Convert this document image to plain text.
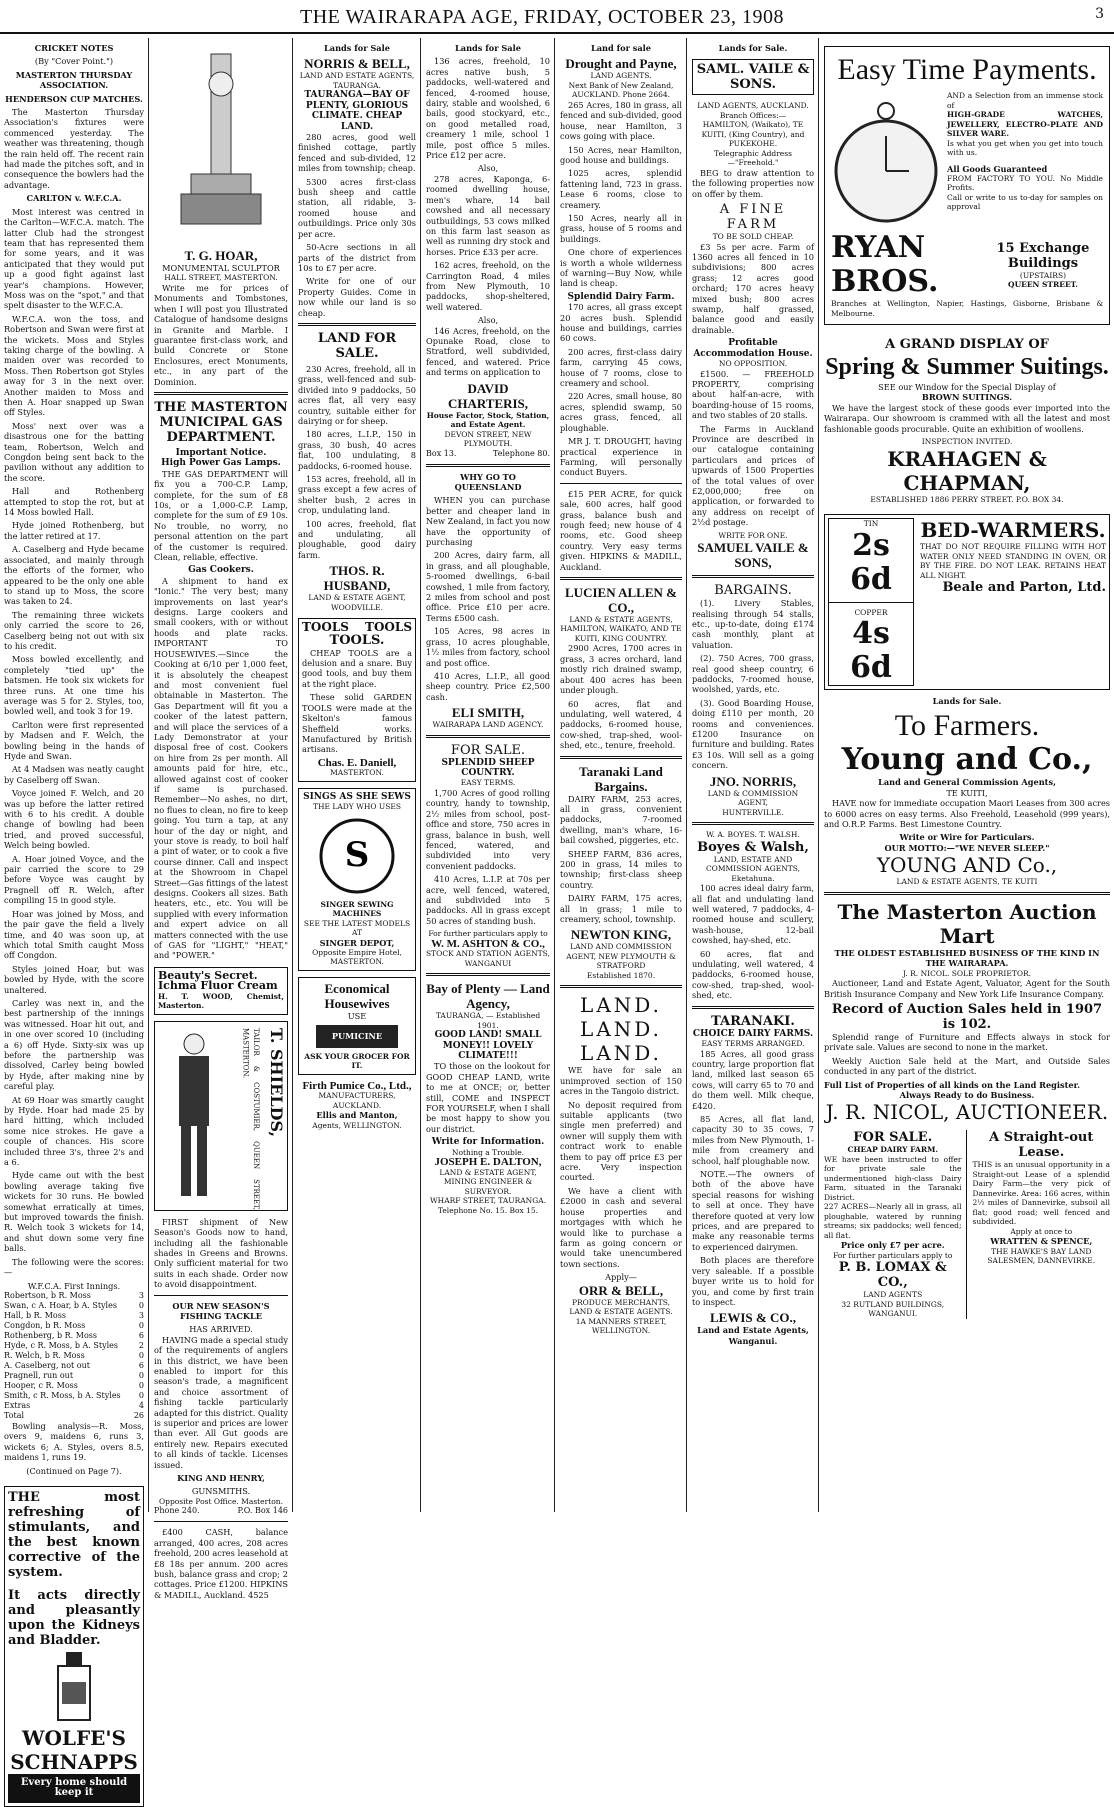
THE WAIRARAPA AGE, FRIDAY, OCTOBER 23, 1908	3
CRICKET NOTES
(By "Cover Point.")
MASTERTON THURSDAY ASSOCIATION.
HENDERSON CUP MATCHES.

The Masterton Thursday Association's fixtures were commenced yesterday. The weather was threatening, though the rain held off. The recent rain had made the pitches soft, and in consequence the bowlers had the advantage.

CARLTON v. W.F.C.A.

Most interest was centred in the Carlton—W.F.C.A. match. The latter Club had the strongest team that has represented them for some years, and it was anticipated that they would put up a good fight against last year's champions. However, Moss was on the "spot," and that spelt disaster to the W.F.C.A.

W.F.C.A. won the toss, and Robertson and Swan were first at the wickets. Moss and Styles taking charge of the bowling. A maiden over was recorded to Moss. Then Robertson got Styles away for 3 in the next over. Another maiden to Moss and then A. Hoar snapped up Swan off Styles.

Moss' next over was a disastrous one for the batting team, Robertson, Welch and Congdon being sent back to the pavilion without any addition to the score.

Hall and Rothenberg attempted to stop the rot, but at 14 Moss bowled Hall.

Hyde joined Rothenberg, but the latter retired at 17.

A. Caselberg and Hyde became associated, and mainly through the efforts of the former, who appeared to be the only one able to stand up to Moss, the score was taken to 24.

The remaining three wickets only carried the score to 26, Caselberg being not out with six to his credit.

Moss bowled excellently, and completely "tied up" the batsmen. He took six wickets for three runs. At one time his average was 5 for 2. Styles, too, bowled well, and took 3 for 19.

Carlton were first represented by Madsen and F. Welch, the bowling being in the hands of Hyde and Swan.

At 4 Madsen was neatly caught by Caselberg off Swan.

Voyce joined F. Welch, and 20 was up before the latter retired with 6 to his credit. A double change of bowling had been tried, and proved successful, Welch being bowled.

A. Hoar joined Voyce, and the pair carried the score to 29 before Voyce was caught by Pragnell off R. Welch, after compiling 15 in good style.

Hoar was joined by Moss, and the pair gave the field a lively time, and 40 was soon up, at which total Smith caught Moss off Congdon.

Styles joined Hoar, but was bowled by Hyde, with the score unaltered.

Carley was next in, and the best partnership of the innings was witnessed. Hoar hit out, and in one over scored 10 (including a 6) off Hyde. Sixty-six was up before the partnership was dissolved, Carley being bowled by Hyde, after making nine by careful play.

At 69 Hoar was smartly caught by Hyde. Hoar had made 25 by hard hitting, which included some nice strokes. He gave a couple of chances. His score included three 3's, three 2's and a 6.

Hyde came out with the best bowling average taking five wickets for 30 runs. He bowled somewhat erratically at times, but improved towards the finish. R. Welch took 3 wickets for 14, and shut down some very fine balls.

The following were the scores:—

W.F.C.A. First Innings.
Robertson, b R. Moss	3
Swan, c A. Hoar, b A. Styles	0
Hall, b R. Moss	3
Congdon, b R. Moss	0
Rothenberg, b R. Moss	6
Hyde, c R. Moss, b A. Styles	2
R. Welch, b R. Moss	0
A. Caselberg, not out	6
Pragnell, run out	0
Hooper, c R. Moss	0
Smith, c R. Moss, b A. Styles 0
Extras	4
Total	26

Bowling analysis—R. Moss, overs 9, maidens 6, runs 3, wickets 6; A. Styles, overs 8.5, maidens 1, runs 19.

(Continued on Page 7).
THE most refreshing of stimulants, and the best known corrective of the system.
It acts directly and pleasantly upon the Kidneys and Bladder.
WOLFE'S SCHNAPPS
Every home should keep it
T. G. HOAR,
MONUMENTAL SCULPTOR
HALL STREET, MASTERTON.

Write me for prices of Monuments and Tombstones, when I will post you Illustrated Catalogue of handsome designs in Granite and Marble. I guarantee first-class work, and build Concrete or Stone Enclosures, erect Monuments, etc., in any part of the Dominion.

THE MASTERTON MUNICIPAL GAS DEPARTMENT.
Important Notice.
High Power Gas Lamps.

THE GAS DEPARTMENT will fix you a 700-C.P. Lamp, complete, for the sum of £8 10s, or a 1,000-C.P. Lamp, complete for the sum of £9 10s. No trouble, no worry, no personal attention on the part of the customer is required. Clean, reliable, effective.

Gas Cookers.

A shipment to hand ex "Ionic." The very best; many improvements on last year's designs. Large cookers and small cookers, with or without hoods and plate racks. IMPORTANT TO HOUSEWIVES.—Since the Cooking at 6/10 per 1,000 feet, it is absolutely the cheapest and most convenient fuel obtainable in Masterton. The Gas Department will fit you a cooker of the latest pattern, and will place the services of a Lady Demonstrator at your disposal free of cost. Cookers on hire from 2s per month. All amounts paid for hire, etc., allowed against cost of cooker if same is purchased. Remember—No ashes, no dirt, no flues to clean, no fire to keep going. You turn a tap, at any hour of the day or night, and your stove is ready, to boil half a pint of water, or to cook a five course dinner. Call and inspect at the Showroom in Chapel Street—Gas fittings of the latest designs. Cookers all sizes. Bath heaters, etc., etc. You will be supplied with every information and expert advice on all matters connected with the use of GAS for "LIGHT," "HEAT," and "POWER."

Beauty's Secret.
Ichma Fluor Cream
H. T. WOOD, Chemist, Masterton.
T. SHIELDS,
TAILOR & COSTUMIER, QUEEN STREET, MASTERTON.

FIRST shipment of New Season's Goods now to hand, including all the fashionable shades in Greens and Browns. Only sufficient material for two suits in each shade. Order now to avoid disappointment.

OUR NEW SEASON'S FISHING TACKLE
HAS ARRIVED.

HAVING made a special study of the requirements of anglers in this district, we have been enabled to import for this season's trade, a magnificent and choice assortment of fishing tackle particularly adapted for this district. Quality is superior and prices are lower than ever. All Gut goods are entirely new. Repairs executed to all kinds of tackle. Licenses issued.

KING AND HENRY,
GUNSMITHS.
Opposite Post Office. Masterton.
Phone 240.	P.O. Box 146

£400 CASH, balance arranged, 400 acres, 208 acres freehold, 200 acres leasehold at £8 18s per annum. 200 acres bush, balance grass and crop; 2 cottages. Price £1200. HIPKINS & MADILL, Auckland. 4525

Lands for Sale
NORRIS & BELL,
LAND AND ESTATE AGENTS,
TAURANGA.
TAURANGA—BAY OF PLENTY, GLORIOUS CLIMATE. CHEAP LAND.

280 acres, good well finished cottage, partly fenced and sub-divided, 12 miles from township; cheap.

5300 acres first-class bush sheep and cattle station, all ridable, 3-roomed house and outbuildings. Price only 30s per acre.

50-Acre sections in all parts of the district from 10s to £7 per acre.

Write for one of our Property Guides. Come in now while our land is so cheap.

LAND FOR SALE.

230 Acres, freehold, all in grass, well-fenced and sub-divided into 9 paddocks, 50 acres flat, all very easy country, suitable either for dairying or for sheep.

180 acres, L.I.P., 150 in grass, 30 bush, 40 acres flat, 100 undulating, 8 paddocks, 6-roomed house.

153 acres, freehold, all in grass except a few acres of shelter bush, 2 acres in crop, undulating land.

100 acres, freehold, flat and undulating, all ploughable, good dairy farm.

THOS. R. HUSBAND,
LAND & ESTATE AGENT,
WOODVILLE.
TOOLS TOOLS
TOOLS.

CHEAP TOOLS are a delusion and a snare. Buy good tools, and buy them at the right place.

These solid GARDEN TOOLS were made at the Skelton's famous Sheffield works. Manufactured by British artisans.

Chas. E. Daniell,
MASTERTON.
SINGS AS SHE SEWS
THE LADY WHO USES
S
SINGER SEWING MACHINES
SEE THE LATEST MODELS AT
SINGER DEPOT,
Opposite Empire Hotel, MASTERTON.
Economical
Housewives
USE
PUMICINE
ASK YOUR GROCER FOR IT.
Firth Pumice Co., Ltd.,
MANUFACTURERS, AUCKLAND.
Ellis and Manton,
Agents, WELLINGTON.
Lands for Sale

136 acres, freehold, 10 acres native bush, 5 paddocks, well-watered and fenced, 4-roomed house, dairy, stable and woolshed, 6 bails, good stockyard, etc., on good metalled road, creamery 1 mile, school 1 mile, post office 5 miles. Price £12 per acre.

Also,

278 acres, Kaponga, 6-roomed dwelling house, men's whare, 14 bail cowshed and all necessary outbuildings, 53 cows milked on this farm last season as well as running dry stock and horses. Price £33 per acre.

162 acres, freehold, on the Carrington Road, 4 miles from New Plymouth, 10 paddocks, shop-sheltered, well watered.

Also,

146 Acres, freehold, on the Opunake Road, close to Stratford, well subdivided, fenced, and watered. Price and terms on application to

DAVID CHARTERIS,
House Factor, Stock, Station, and Estate Agent.
DEVON STREET, NEW PLYMOUTH.
Box 13.	Telephone 80.
WHY GO TO QUEENSLAND

WHEN you can purchase better and cheaper land in New Zealand, in fact you now have the opportunity of purchasing

200 Acres, dairy farm, all in grass, and all ploughable, 5-roomed dwellings, 6-bail cowshed, 1 mile from factory, 2 miles from school and post office. Price £10 per acre. Terms £500 cash.

105 Acres, 98 acres in grass, 10 acres ploughable, 1½ miles from factory, school and post office.

410 Acres, L.I.P., all good sheep country. Price £2,500 cash.

ELI SMITH,
WAIRARAPA LAND AGENCY.
FOR SALE.
SPLENDID SHEEP COUNTRY.
EASY TERMS.

1,700 Acres of good rolling country, handy to township, 2½ miles from school, post-office and store, 750 acres in grass, balance in bush, well fenced, watered, and subdivided into very convenient paddocks.

410 Acres, L.I.P. at 70s per acre, well fenced, watered, and subdivided into 5 paddocks. All in grass except 50 acres of standing bush.

For further particulars apply to
W. M. ASHTON & CO.,
STOCK AND STATION AGENTS,
WANGANUI
Bay of Plenty — Land Agency,
TAURANGA, — Established 1901.
GOOD LAND! SMALL MONEY!! LOVELY CLIMATE!!!

TO those on the lookout for GOOD CHEAP LAND, write to me at ONCE; or, better still, COME and INSPECT FOR YOURSELF, when I shall be most happy to show you our district.

Write for Information.
Nothing a Trouble.
JOSEPH E. DALTON,
LAND & ESTATE AGENT, MINING ENGINEER & SURVEYOR.
WHARF STREET, TAURANGA. Telephone No. 15. Box 15.
Land for sale
Drought and Payne,
LAND AGENTS.
Next Bank of New Zealand, AUCKLAND. Phone 2664.

265 Acres, 180 in grass, all fenced and sub-divided, good house, near Hamilton, 3 cows going with place.

150 Acres, near Hamilton, good house and buildings.

1025 acres, splendid fattening land, 723 in grass. Lease 6 rooms, close to creamery.

150 Acres, nearly all in grass, house of 5 rooms and buildings.

One chore of experiences is worth a whole wilderness of warning—Buy Now, while land is cheap.

Splendid Dairy Farm.

170 acres, all grass except 20 acres bush. Splendid house and buildings, carries 60 cows.

200 acres, first-class dairy farm, carrying 45 cows, house of 7 rooms, close to creamery and school.

220 Acres, small house, 80 acres, splendid swamp, 50 acres grass, fenced, all ploughable.

MR J. T. DROUGHT, having practical experience in Farming, will personally conduct Buyers.

£15 PER ACRE, for quick sale, 600 acres, half good grass, balance bush and rough feed; new house of 4 rooms, etc. Good sheep country. Very easy terms given. HIPKINS & MADILL, Auckland.

LUCIEN ALLEN & CO.,
LAND & ESTATE AGENTS,
HAMILTON, WAIKATO, AND TE KUITI, KING COUNTRY.

2900 Acres, 1700 acres in grass, 3 acres orchard, land mostly rich drained swamp, about 400 acres has been under plough.

60 acres, flat and undulating, well watered, 4 paddocks, 6-roomed house, cow-shed, trap-shed, wool-shed, etc., tenure, freehold.

Taranaki Land Bargains.

DAIRY FARM, 253 acres, all in grass, convenient paddocks, 7-roomed dwelling, man's whare, 16-bail cowshed, piggeries, etc.

SHEEP FARM, 836 acres, 200 in grass, 14 miles to township; first-class sheep country.

DAIRY FARM, 175 acres, all in grass; 1 mile to creamery, school, township.

NEWTON KING,
LAND AND COMMISSION AGENT, NEW PLYMOUTH & STRATFORD
Established 1870.
LAND. LAND. LAND.

WE have for sale an unimproved section of 150 acres in the Tangoio district.

No deposit required from suitable applicants (two single men preferred) and owner will supply them with contract work to enable them to pay off price £3 per acre. Very inspection courted.

We have a client with £2000 in cash and several house properties and mortgages with which he would like to purchase a farm as going concern or would take unencumbered town sections.

Apply—
ORR & BELL,
PRODUCE MERCHANTS, LAND & ESTATE AGENTS.
1A MANNERS STREET, WELLINGTON.
Lands for Sale.
SAML. VAILE & SONS.
LAND AGENTS, AUCKLAND.
Branch Offices:—
HAMILTON, (Waikato), TE KUITI, (King Country), and PUKEKOHE.
Telegraphic Address—"Freehold."

BEG to draw attention to the following properties now on offer by them.

A FINE FARM
TO BE SOLD CHEAP.

£3 5s per acre. Farm of 1360 acres all fenced in 10 subdivisions; 800 acres grass; 12 acres good orchard; 170 acres heavy mixed bush; 800 acres swamp, half grassed, balance good and easily drainable.

Profitable Accommodation House.
NO OPPOSITION.

£1500. — FREEHOLD PROPERTY, comprising about half-an-acre, with boarding-house of 15 rooms, and two stables of 20 stalls.

The Farms in Auckland Province are described in our catalogue containing particulars and prices of upwards of 1500 Properties of the total values of over £2,000,000; free on application, or forwarded to any address on receipt of 2½d postage.

WRITE FOR ONE.
SAMUEL VAILE & SONS,
BARGAINS.

(1). Livery Stables, realising through 54 stalls, etc., up-to-date, doing £174 cash monthly, plant at valuation.

(2). 750 Acres, 700 grass, real good sheep country, 6 paddocks, 7-roomed house, woolshed, yards, etc.

(3). Good Boarding House, doing £110 per month, 20 rooms and conveniences. £1200 Insurance on furniture and building. Rates £3 10s. Will sell as a going concern.

JNO. NORRIS,
LAND & COMMISSION AGENT,
HUNTERVILLE.
W. A. BOYES. T. WALSH.
Boyes & Walsh,
LAND, ESTATE AND COMMISSION AGENTS,
Eketahuna.

100 acres ideal dairy farm, all flat and undulating land well watered, 7 paddocks, 4-roomed house and scullery, wash-house, 12-bail cowshed, hay-shed, etc.

60 acres, flat and undulating, well watered, 4 paddocks, 6-roomed house, cow-shed, trap-shed, wool-shed, etc.

TARANAKI.
CHOICE DAIRY FARMS.
EASY TERMS ARRANGED.

185 Acres, all good grass country, large proportion flat land, milked last season 65 cows, will carry 65 to 70 and do them well. Milk cheque, £420.

85 Acres, all flat land, capacity 30 to 35 cows, 7 miles from New Plymouth, 1-mile from creamery and school, half ploughable now.

NOTE.—The owners of both of the above have special reasons for wishing to sell at once. They have therefore quoted at very low prices, and are prepared to make any reasonable terms to experienced dairymen.

Both places are therefore very saleable. If a possible buyer write us to hold for you, and come by first train to inspect.

LEWIS & CO.,
Land and Estate Agents,
Wanganui.
Easy Time Payments.
AND a Selection from an immense stock of
HIGH-GRADE WATCHES, JEWELLERY, ELECTRO-PLATE AND SILVER WARE.
Is what you get when you get into touch with us.
All Goods Guaranteed
FROM FACTORY TO YOU. No Middle Profits.
Call or write to us to-day for samples on approval
RYAN BROS.
15 Exchange Buildings
(UPSTAIRS)
QUEEN STREET.
Branches at Wellington, Napier, Hastings, Gisborne, Brisbane & Melbourne.
A GRAND DISPLAY OF
Spring & Summer Suitings.
SEE our Window for the Special Display of
BROWN SUITINGS.

We have the largest stock of these goods ever imported into the Wairarapa. Our showroom is crammed with all the latest and most fashionable goods procurable. Quite an exhibition of woollens.

INSPECTION INVITED.
KRAHAGEN & CHAPMAN,
ESTABLISHED 1886 PERRY STREET. P.O. BOX 34.
TIN
2s 6d
COPPER
4s 6d
BED-WARMERS.
THAT DO NOT REQUIRE FILLING WITH HOT WATER ONLY NEED STANDING IN OVEN, OR BY THE FIRE. DO NOT LEAK. RETAINS HEAT ALL NIGHT.
Beale and Parton, Ltd.
Lands for Sale.
To Farmers.
Young and Co.,
Land and General Commission Agents,
TE KUITI,

HAVE now for immediate occupation Maori Leases from 300 acres to 6000 acres on easy terms. Also Freehold, Leasehold (999 years), and O.R.P. Farms. Best Limestone Country.

Write or Wire for Particulars.
OUR MOTTO:—"WE NEVER SLEEP."
YOUNG AND Co.,
LAND & ESTATE AGENTS, TE KUITI
The Masterton Auction Mart
THE OLDEST ESTABLISHED BUSINESS OF THE KIND IN THE WAIRARAPA.
J. R. NICOL. SOLE PROPRIETOR.

Auctioneer, Land and Estate Agent, Valuator, Agent for the South British Insurance Company and New York Life Insurance Company.

Record of Auction Sales held in 1907 is 102.

Splendid range of Furniture and Effects always in stock for private sale. Values are second to none in the market.

Weekly Auction Sale held at the Mart, and Outside Sales conducted in any part of the district.

Full List of Properties of all kinds on the Land Register.
Always Ready to do Business.
J. R. NICOL, AUCTIONEER.
FOR SALE.
CHEAP DAIRY FARM.
WE have been instructed to offer for private sale the undermentioned high-class Dairy Farm, situated in the Taranaki District.
227 ACRES—Nearly all in grass, all ploughable, watered by running streams; six paddocks; well fenced; all flat.
Price only £7 per acre.
For further particulars apply to
P. B. LOMAX & CO.,
LAND AGENTS
32 RUTLAND BUILDINGS, WANGANUI.
A Straight-out Lease.
THIS is an unusual opportunity in a Straight-out Lease of a splendid Dairy Farm—the very pick of Dannevirke. Area: 166 acres, within 2½ miles of Dannevirke, subsoil all flat; good road; well fenced and subdivided.
Apply at once to
WRATTEN & SPENCE,
THE HAWKE'S BAY LAND SALESMEN, DANNEVIRKE.
